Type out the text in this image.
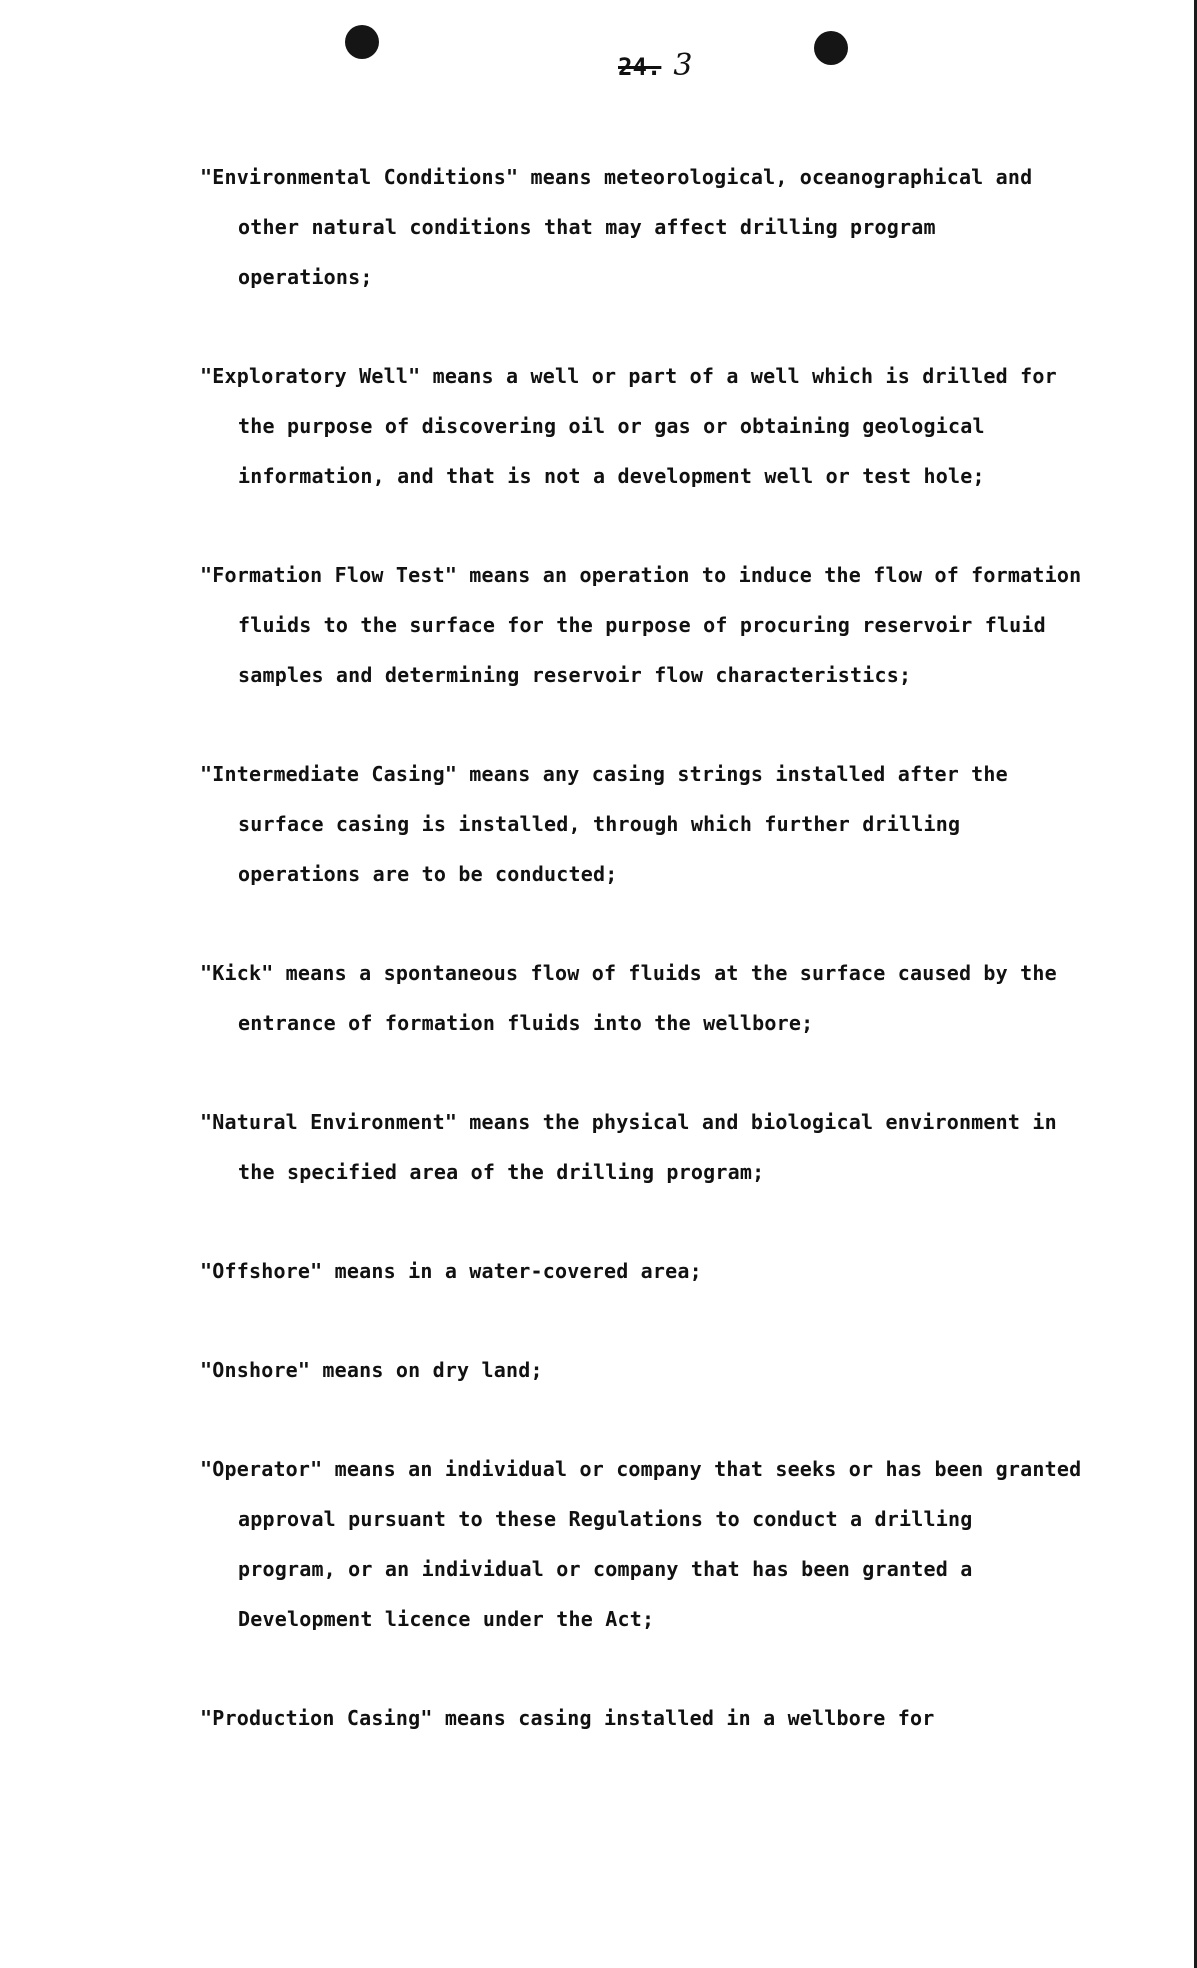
24. 3
"Environmental Conditions" means meteorological, oceanographical and
other natural conditions that may affect drilling program
operations;
"Exploratory Well" means a well or part of a well which is drilled for
the purpose of discovering oil or gas or obtaining geological
information, and that is not a development well or test hole;
"Formation Flow Test" means an operation to induce the flow of formation
fluids to the surface for the purpose of procuring reservoir fluid
samples and determining reservoir flow characteristics;
"Intermediate Casing" means any casing strings installed after the
surface casing is installed, through which further drilling
operations are to be conducted;
"Kick" means a spontaneous flow of fluids at the surface caused by the
entrance of formation fluids into the wellbore;
"Natural Environment" means the physical and biological environment in
the specified area of the drilling program;
"Offshore" means in a water-covered area;
"Onshore" means on dry land;
"Operator" means an individual or company that seeks or has been granted
approval pursuant to these Regulations to conduct a drilling
program, or an individual or company that has been granted a
Development licence under the Act;
"Production Casing" means casing installed in a wellbore for
